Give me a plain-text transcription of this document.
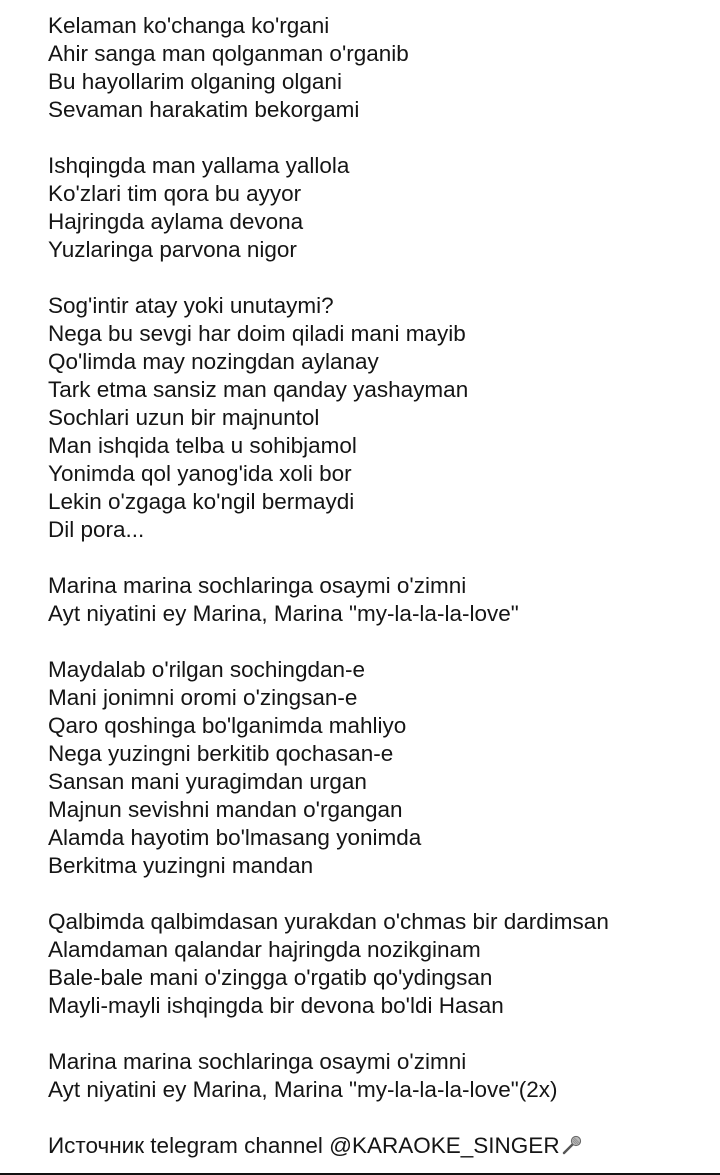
Kelaman ko'changa ko'rgani
Ahir sanga man qolganman o'rganib
Bu hayollarim olganing olgani
Sevaman harakatim bekorgami
Ishqingda man yallama yallola
Ko'zlari tim qora bu ayyor
Hajringda aylama devona
Yuzlaringa parvona nigor
Sog'intir atay yoki unutaymi?
Nega bu sevgi har doim qiladi mani mayib
Qo'limda may nozingdan aylanay
Tark etma sansiz man qanday yashayman
Sochlari uzun bir majnuntol
Man ishqida telba u sohibjamol
Yonimda qol yanog'ida xoli bor
Lekin o'zgaga ko'ngil bermaydi
Dil pora...
Marina marina sochlaringa osaymi o'zimni
Ayt niyatini ey Marina, Marina "my-la-la-la-love"
Maydalab o'rilgan sochingdan-e
Mani jonimni oromi o'zingsan-e
Qaro qoshinga bo'lganimda mahliyo
Nega yuzingni berkitib qochasan-e
Sansan mani yuragimdan urgan
Majnun sevishni mandan o'rgangan
Alamda hayotim bo'lmasang yonimda
Berkitma yuzingni mandan
Qalbimda qalbimdasan yurakdan o'chmas bir dardimsan
Alamdaman qalandar hajringda nozikginam
Bale-bale mani o'zingga o'rgatib qo'ydingsan
Mayli-mayli ishqingda bir devona bo'ldi Hasan
Marina marina sochlaringa osaymi o'zimni
Ayt niyatini ey Marina, Marina "my-la-la-la-love"(2x)
Источник telegram channel @KARAOKE_SINGER
